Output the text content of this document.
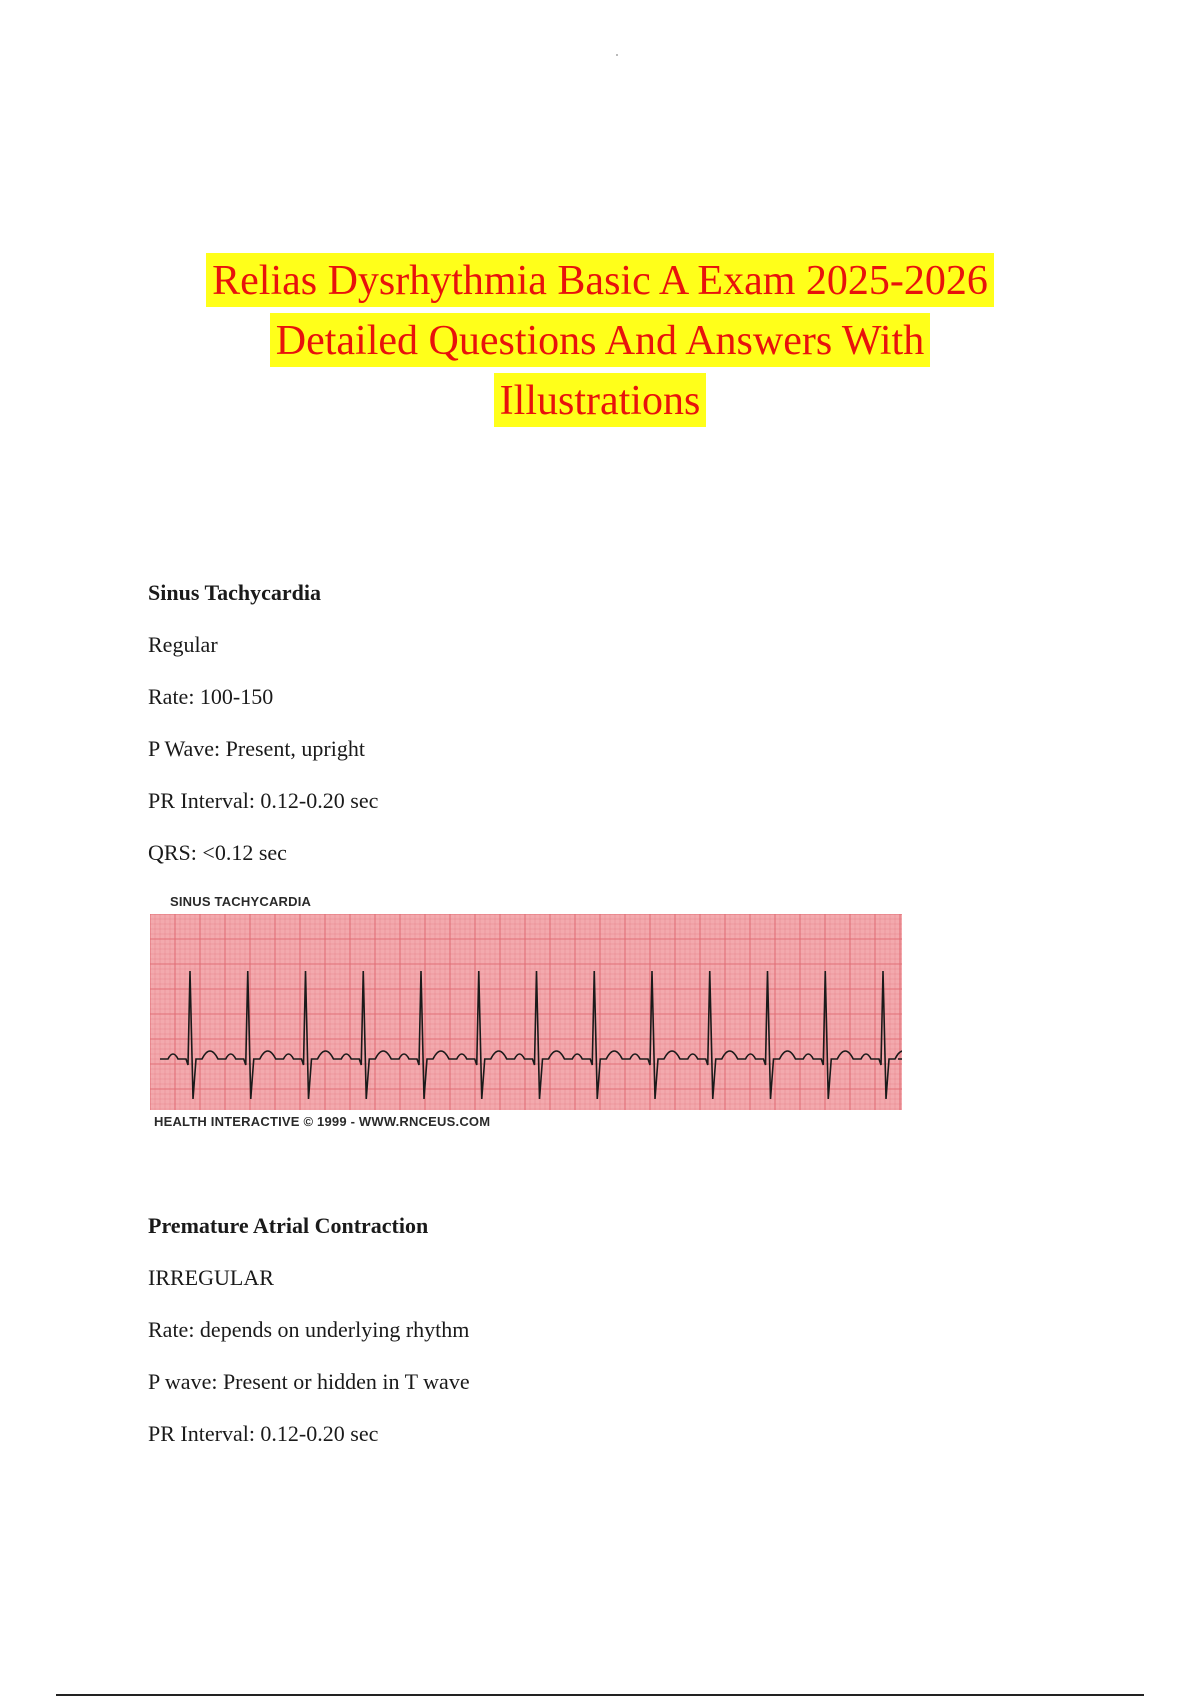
Relias Dysrhythmia Basic A Exam 2025-2026
Detailed Questions And Answers With
Illustrations
Sinus Tachycardia
Regular
Rate: 100-150
P Wave: Present, upright
PR Interval: 0.12-0.20 sec
QRS: <0.12 sec
Premature Atrial Contraction
IRREGULAR
Rate: depends on underlying rhythm
P wave: Present or hidden in T wave
PR Interval: 0.12-0.20 sec
SINUS TACHYCARDIA
HEALTH INTERACTIVE © 1999 - WWW.RNCEUS.COM
